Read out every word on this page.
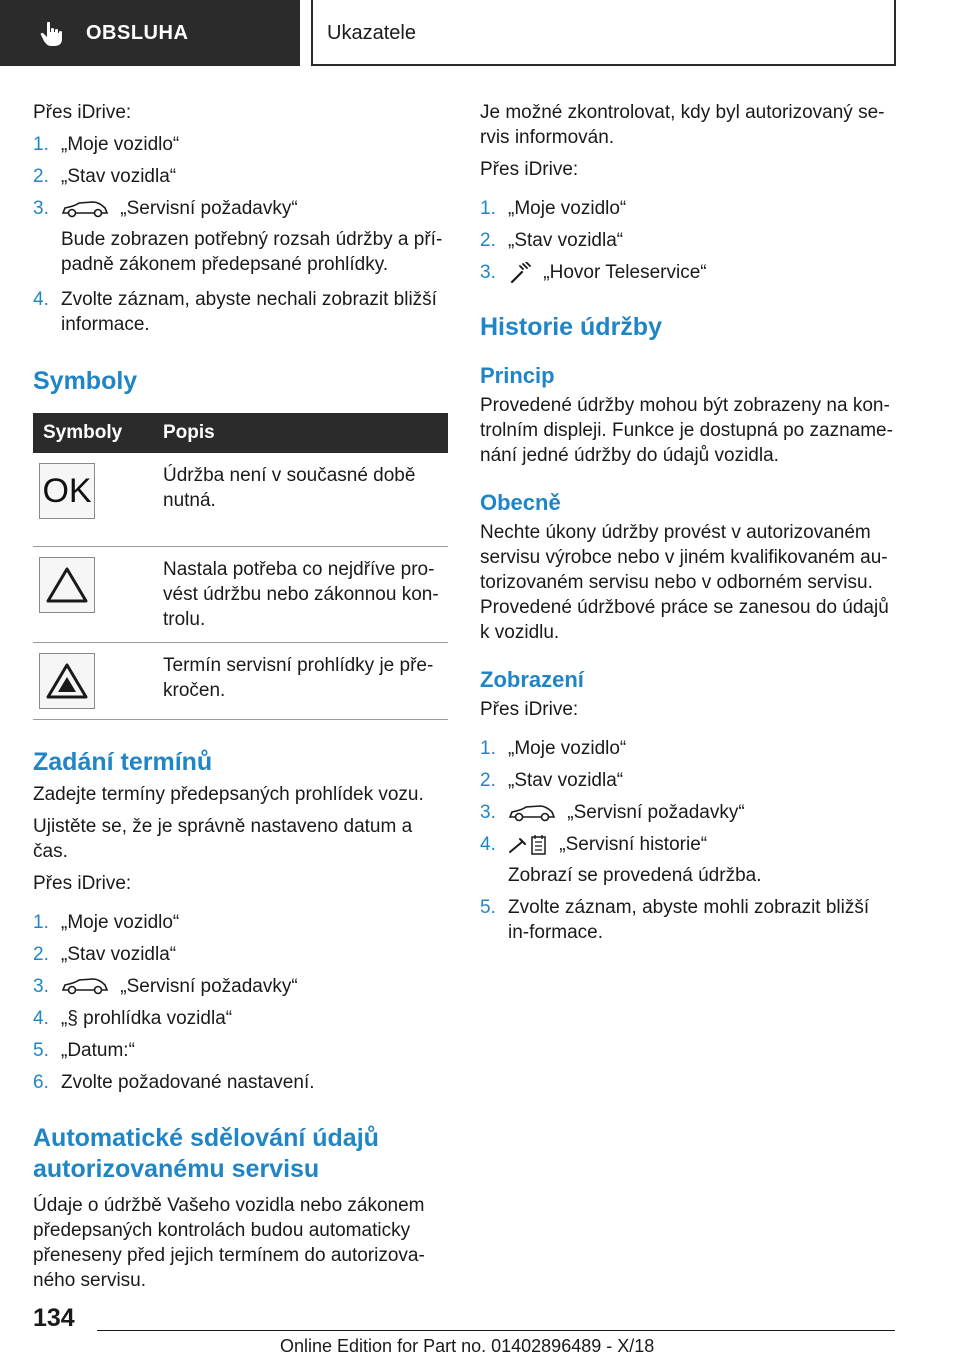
OBSLUHA	Ukazatele

Přes iDrive:

1. „Moje vozidlo“
2. „Stav vozidla“
3.	„Servisní požadavky“
Bude zobrazen potřebný rozsah údržby a pří-padně zákonem předepsané prohlídky.
4. Zvolte záznam, abyste nechali zobrazit bližší informace.
Symboly
Symboly	Popis

OK	Údržba není v současné době nutná.

	Nastala potřeba co nejdříve pro-vést údržbu nebo zákonnou kon-trolu.

	Termín servisní prohlídky je pře-kročen.
Zadání termínů

Zadejte termíny předepsaných prohlídek vozu.

Ujistěte se, že je správně nastaveno datum a čas.

Přes iDrive:

1. „Moje vozidlo“
2. „Stav vozidla“
3.	„Servisní požadavky“
4. „§ prohlídka vozidla“
5. „Datum:“
6. Zvolte požadované nastavení.
Automatické sdělování údajů autorizovanému servisu

Údaje o údržbě Vašeho vozidla nebo zákonem předepsaných kontrolách budou automaticky přeneseny před jejich termínem do autorizova-ného servisu.

Je možné zkontrolovat, kdy byl autorizovaný se-rvis informován.

Přes iDrive:

1. „Moje vozidlo“
2. „Stav vozidla“
3. „Hovor Teleservice“
Historie údržby
Princip

Provedené údržby mohou být zobrazeny na kon-trolním displeji. Funkce je dostupná po zazname-nání jedné údržby do údajů vozidla.

Obecně

Nechte úkony údržby provést v autorizovaném servisu výrobce nebo v jiném kvalifikovaném au-torizovaném servisu nebo v odborném servisu. Provedené údržbové práce se zanesou do údajů k vozidlu.

Zobrazení

Přes iDrive:

1. „Moje vozidlo“
2. „Stav vozidla“
3.	„Servisní požadavky“
4.	„Servisní historie“
Zobrazí se provedená údržba.
5. Zvolte záznam, abyste mohli zobrazit bližší in-formace.
134
Online Edition for Part no. 01402896489 - X/18
